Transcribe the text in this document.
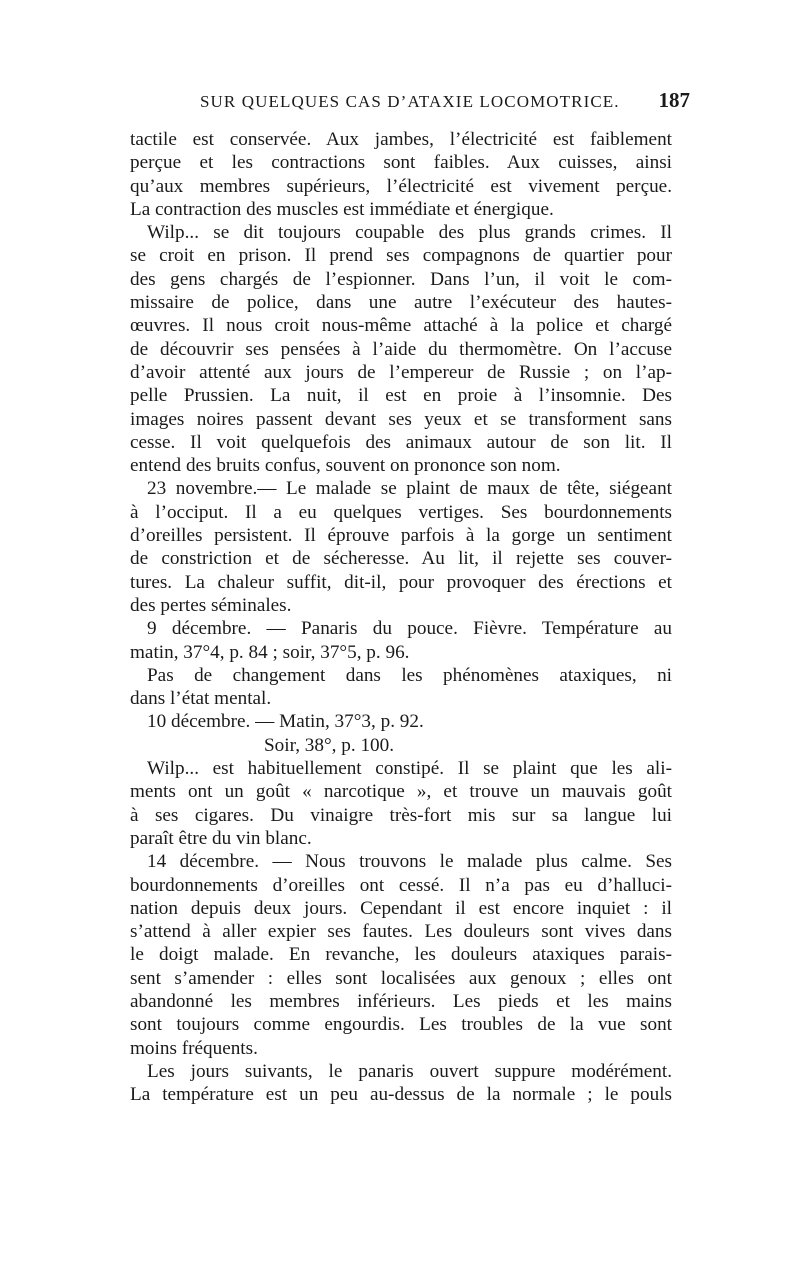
SUR QUELQUES CAS D’ATAXIE LOCOMOTRICE. 187
tactile est conservée. Aux jambes, l’électricité est faiblement
perçue et les contractions sont faibles. Aux cuisses, ainsi
qu’aux membres supérieurs, l’électricité est vivement perçue.
La contraction des muscles est immédiate et énergique.
Wilp... se dit toujours coupable des plus grands crimes. Il
se croit en prison. Il prend ses compagnons de quartier pour
des gens chargés de l’espionner. Dans l’un, il voit le com-
missaire de police, dans une autre l’exécuteur des hautes-
œuvres. Il nous croit nous-même attaché à la police et chargé
de découvrir ses pensées à l’aide du thermomètre. On l’accuse
d’avoir attenté aux jours de l’empereur de Russie ; on l’ap-
pelle Prussien. La nuit, il est en proie à l’insomnie. Des
images noires passent devant ses yeux et se transforment sans
cesse. Il voit quelquefois des animaux autour de son lit. Il
entend des bruits confus, souvent on prononce son nom.
23 novembre.— Le malade se plaint de maux de tête, siégeant
à l’occiput. Il a eu quelques vertiges. Ses bourdonnements
d’oreilles persistent. Il éprouve parfois à la gorge un sentiment
de constriction et de sécheresse. Au lit, il rejette ses couver-
tures. La chaleur suffit, dit-il, pour provoquer des érections et
des pertes séminales.
9 décembre. — Panaris du pouce. Fièvre. Température au
matin, 37°4, p. 84 ; soir, 37°5, p. 96.
Pas de changement dans les phénomènes ataxiques, ni
dans l’état mental.
10 décembre. — Matin, 37°3, p. 92.
Soir, 38°, p. 100.
Wilp... est habituellement constipé. Il se plaint que les ali-
ments ont un goût « narcotique », et trouve un mauvais goût
à ses cigares. Du vinaigre très-fort mis sur sa langue lui
paraît être du vin blanc.
14 décembre. — Nous trouvons le malade plus calme. Ses
bourdonnements d’oreilles ont cessé. Il n’a pas eu d’halluci-
nation depuis deux jours. Cependant il est encore inquiet : il
s’attend à aller expier ses fautes. Les douleurs sont vives dans
le doigt malade. En revanche, les douleurs ataxiques parais-
sent s’amender : elles sont localisées aux genoux ; elles ont
abandonné les membres inférieurs. Les pieds et les mains
sont toujours comme engourdis. Les troubles de la vue sont
moins fréquents.
Les jours suivants, le panaris ouvert suppure modérément.
La température est un peu au-dessus de la normale ; le pouls
